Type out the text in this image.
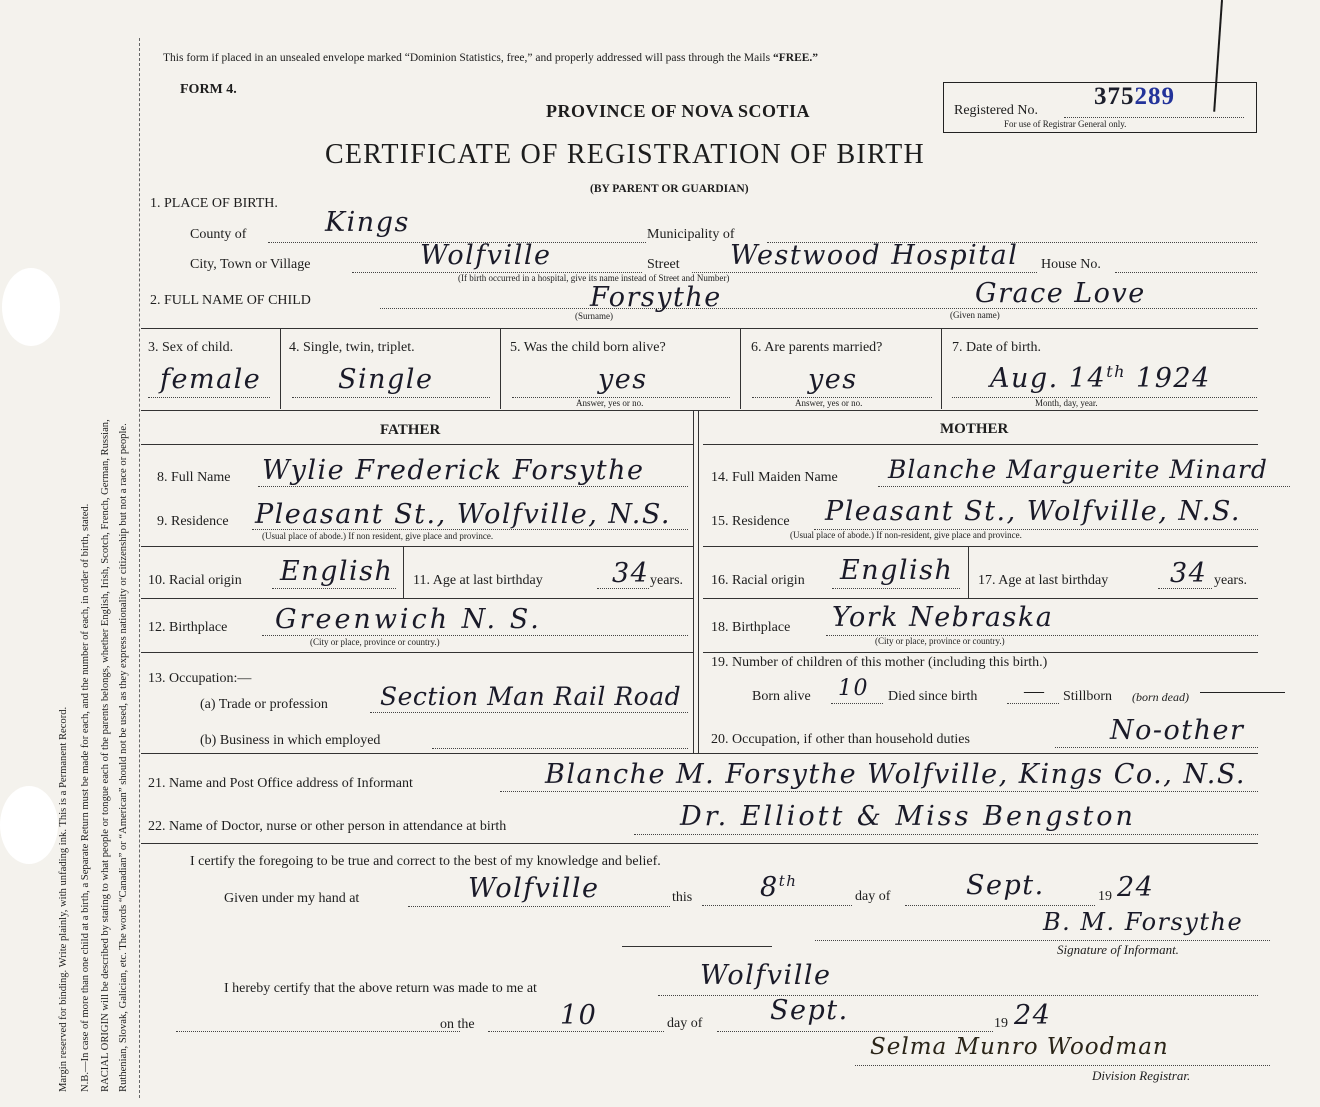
Margin reserved for binding. Write plainly, with unfading ink. This is a Permanent Record. N.B.—In case of more than one child at a birth, a Separate Return must be made for each, and the number of each, in order of birth, stated. RACIAL ORIGIN will be described by stating to what people or tongue each of the parents belongs, whether English, Irish, Scotch, French, German, Russian, Ruthenian, Slovak, Galician, etc. The words “Canadian” or “American” should not be used, as they express nationality or citizenship but not a race or people.
This form if placed in an unsealed envelope marked “Dominion Statistics, free,” and properly addressed will pass through the Mails “FREE.”
FORM 4.
PROVINCE OF NOVA SCOTIA
CERTIFICATE OF REGISTRATION OF BIRTH
(BY PARENT OR GUARDIAN)
Registered No.
375289
For use of Registrar General only.
1. PLACE OF BIRTH.
County of	Kings	Municipality of
City, Town or Village	Wolfville	Street Westwood Hospital House No.
(If birth occurred in a hospital, give its name instead of Street and Number)
2. FULL NAME OF CHILD	Forsythe	Grace Love
(Surname)	(Given name)
3. Sex of child.
female
4. Single, twin, triplet.
Single
5. Was the child born alive?
yes
Answer, yes or no.
6. Are parents married?
yes
Answer, yes or no.
7. Date of birth.
Aug. 14th 1924
Month, day, year.
FATHER	MOTHER
8. Full Name Wylie Frederick Forsythe
9. Residence Pleasant St., Wolfville, N.S.
(Usual place of abode.) If non resident, give place and province.
10. Racial origin English 11. Age at last birthday	34 years.
12. Birthplace Greenwich N. S.
(City or place, province or country.)
13. Occupation:—
(a) Trade or profession Section Man Rail Road
(b) Business in which employed
14. Full Maiden Name Blanche Marguerite Minard
15. Residence Pleasant St., Wolfville, N.S.
(Usual place of abode.) If non-resident, give place and province.
16. Racial origin English 17. Age at last birthday 34 years.
18. Birthplace York Nebraska
(City or place, province or country.)
19. Number of children of this mother (including this birth.)
Born alive 10 Died since birth — Stillborn (born dead)
20. Occupation, if other than household duties	No-other
21. Name and Post Office address of Informant	Blanche M. Forsythe Wolfville, Kings Co., N.S.
22. Name of Doctor, nurse or other person in attendance at birth	Dr. Elliott & Miss Bengston
I certify the foregoing to be true and correct to the best of my knowledge and belief.
Given under my hand at	Wolfville	this	8th
day of	Sept.	19 24
B. M. Forsythe
Signature of Informant.
I hereby certify that the above return was made to me at	Wolfville
on the	10	day of	Sept.	19 24
Selma Munro Woodman
Division Registrar.
